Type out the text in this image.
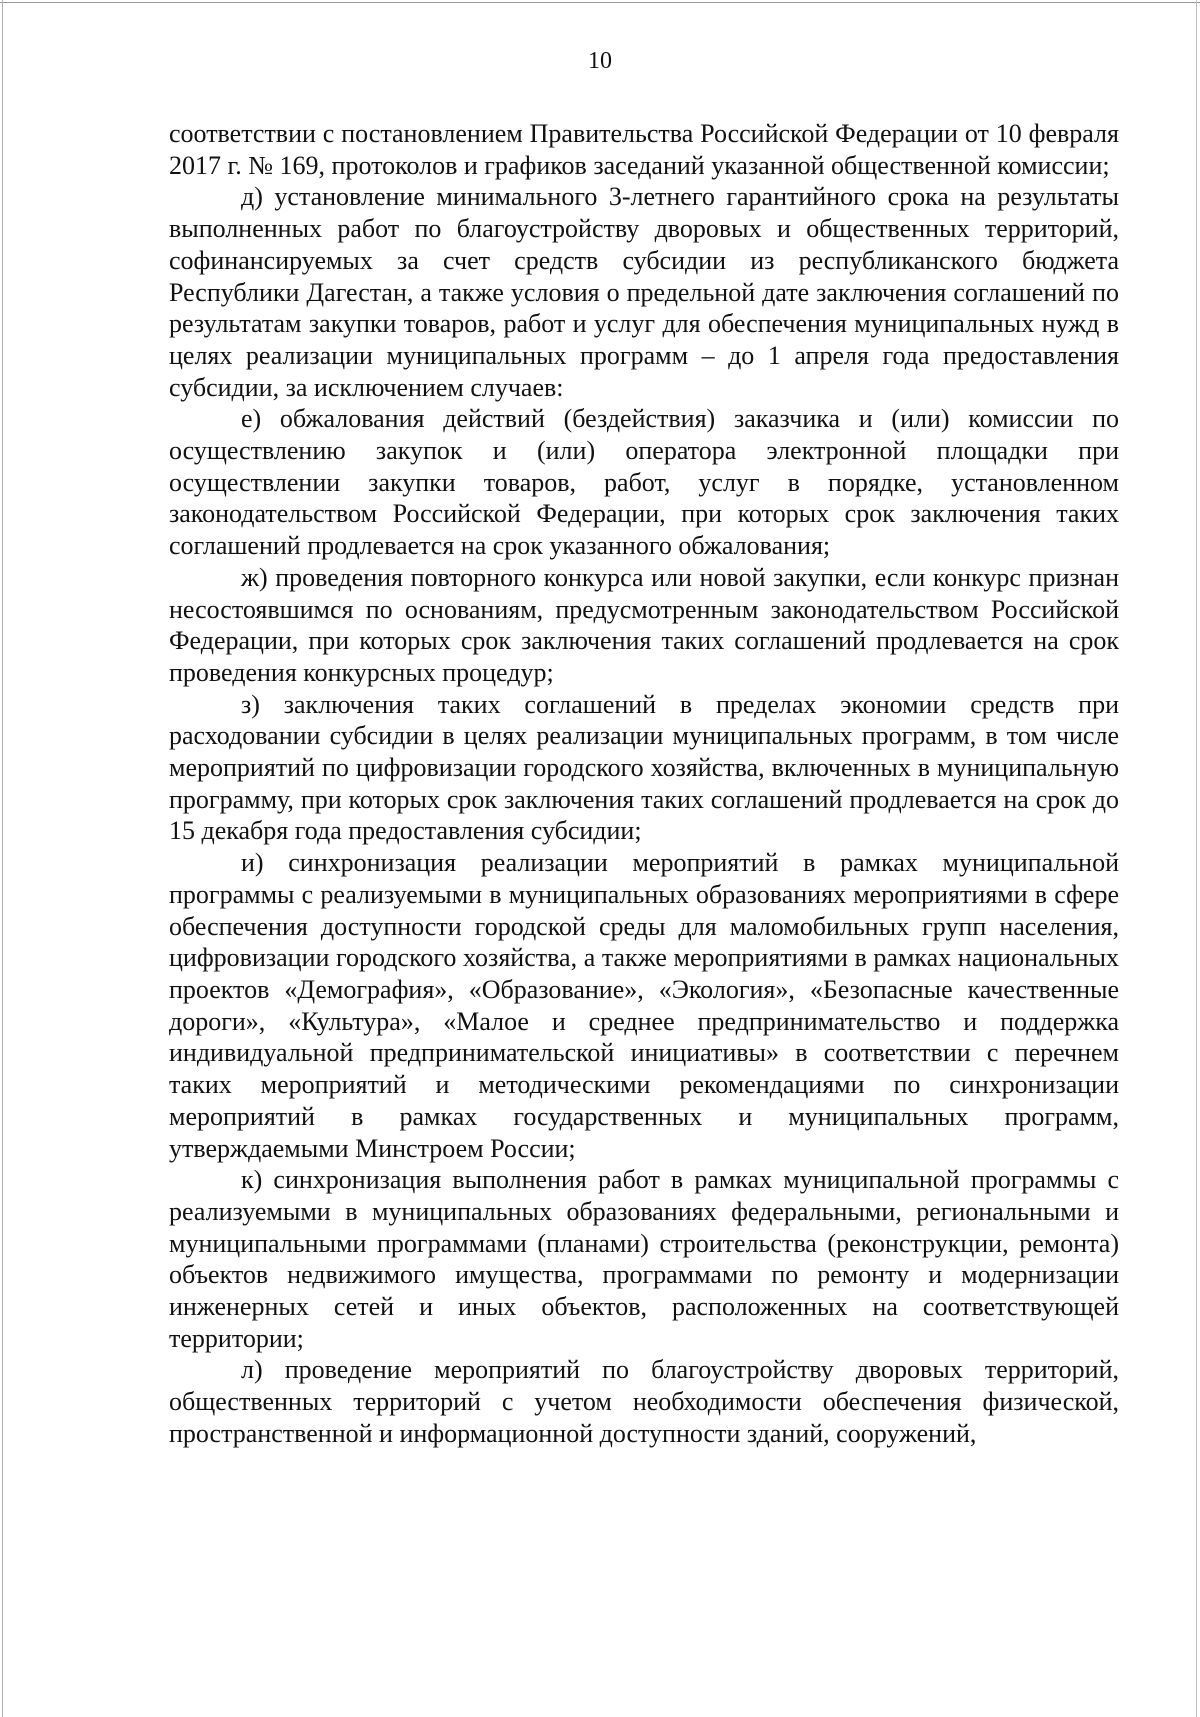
10

соответствии с постановлением Правительства Российской Федерации от 10 февраля 2017 г. № 169, протоколов и графиков заседаний указанной общественной комиссии;

д) установление минимального 3-летнего гарантийного срока на результаты выполненных работ по благоустройству дворовых и общественных территорий, софинансируемых за счет средств субсидии из республиканского бюджета Республики Дагестан, а также условия о предельной дате заключения соглашений по результатам закупки товаров, работ и услуг для обеспечения муниципальных нужд в целях реализации муниципальных программ – до 1 апреля года предоставления субсидии, за исключением случаев:

е) обжалования действий (бездействия) заказчика и (или) комиссии по осуществлению закупок и (или) оператора электронной площадки при осуществлении закупки товаров, работ, услуг в порядке, установленном законодательством Российской Федерации, при которых срок заключения таких соглашений продлевается на срок указанного обжалования;

ж) проведения повторного конкурса или новой закупки, если конкурс признан несостоявшимся по основаниям, предусмотренным законодательством Российской Федерации, при которых срок заключения таких соглашений продлевается на срок проведения конкурсных процедур;

з) заключения таких соглашений в пределах экономии средств при расходовании субсидии в целях реализации муниципальных программ, в том числе мероприятий по цифровизации городского хозяйства, включенных в муниципальную программу, при которых срок заключения таких соглашений продлевается на срок до 15 декабря года предоставления субсидии;

и) синхронизация реализации мероприятий в рамках муниципальной программы с реализуемыми в муниципальных образованиях мероприятиями в сфере обеспечения доступности городской среды для маломобильных групп населения, цифровизации городского хозяйства, а также мероприятиями в рамках национальных проектов «Демография», «Образование», «Экология», «Безопасные качественные дороги», «Культура», «Малое и среднее предпринимательство и поддержка индивидуальной предпринимательской инициативы» в соответствии с перечнем таких мероприятий и методическими рекомендациями по синхронизации мероприятий в рамках государственных и муниципальных программ, утверждаемыми Минстроем России;

к) синхронизация выполнения работ в рамках муниципальной программы с реализуемыми в муниципальных образованиях федеральными, региональными и муниципальными программами (планами) строительства (реконструкции, ремонта) объектов недвижимого имущества, программами по ремонту и модернизации инженерных сетей и иных объектов, расположенных на соответствующей территории;

л) проведение мероприятий по благоустройству дворовых территорий, общественных территорий с учетом необходимости обеспечения физической, пространственной и информационной доступности зданий, сооружений,
